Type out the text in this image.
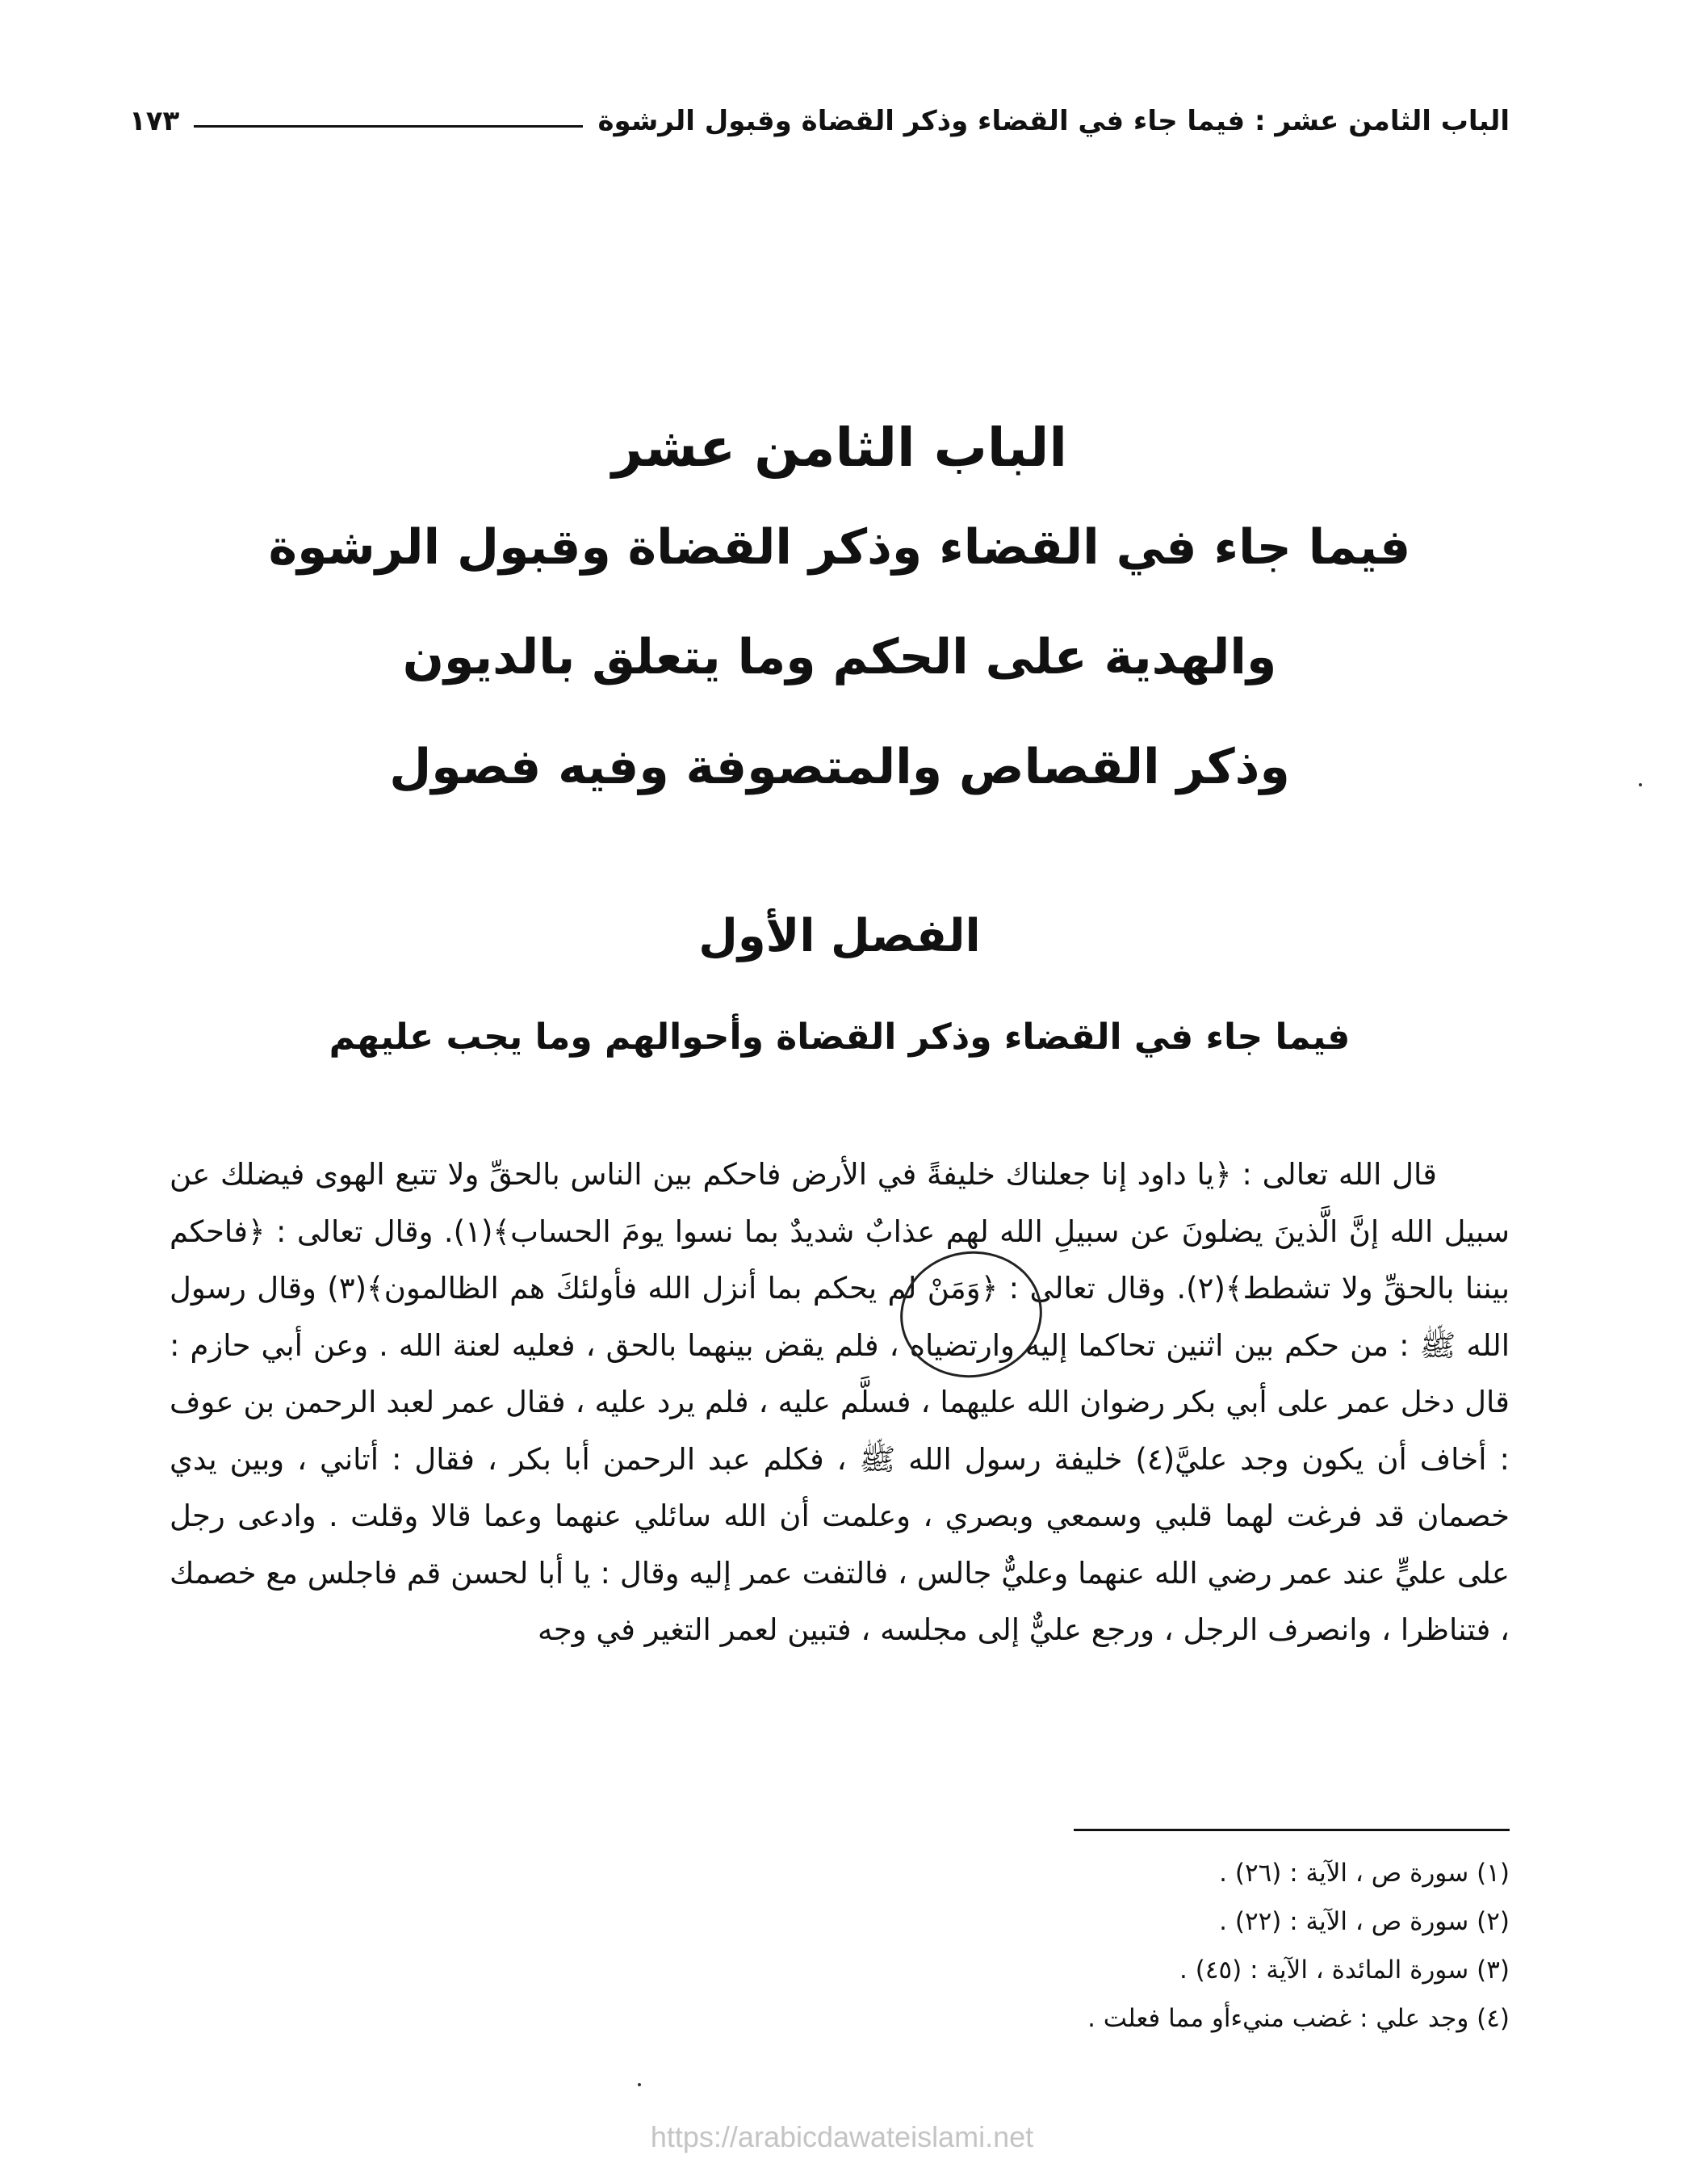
الباب الثامن عشر : فيما جاء في القضاء وذكر القضاة وقبول الرشوة
١٧٣
الباب الثامن عشر
فيما جاء في القضاء وذكر القضاة وقبول الرشوة
والهدية على الحكم وما يتعلق بالديون
وذكر القصاص والمتصوفة وفيه فصول
الفصل الأول
فيما جاء في القضاء وذكر القضاة وأحوالهم وما يجب عليهم

قال الله تعالى : ﴿يا داود إنا جعلناك خليفةً في الأرض فاحكم بين الناس بالحقِّ ولا تتبع الهوى فيضلك عن سبيل الله إنَّ الَّذينَ يضلونَ عن سبيلِ الله لهم عذابٌ شديدٌ بما نسوا يومَ الحساب﴾(١). وقال تعالى : ﴿فاحكم بيننا بالحقِّ ولا تشطط﴾(٢). وقال تعالى : ﴿وَمَنْ لم يحكم بما أنزل الله فأولئكَ هم الظالمون﴾(٣) وقال رسول الله ﷺ : من حكم بين اثنين تحاكما إليه وارتضياه ، فلم يقض بينهما بالحق ، فعليه لعنة الله . وعن أبي حازم : قال دخل عمر على أبي بكر رضوان الله عليهما ، فسلَّم عليه ، فلم يرد عليه ، فقال عمر لعبد الرحمن بن عوف : أخاف أن يكون وجد عليَّ(٤) خليفة رسول الله ﷺ ، فكلم عبد الرحمن أبا بكر ، فقال : أتاني ، وبين يدي خصمان قد فرغت لهما قلبي وسمعي وبصري ، وعلمت أن الله سائلي عنهما وعما قالا وقلت . وادعى رجل على عليٍّ عند عمر رضي الله عنهما وعليٌّ جالس ، فالتفت عمر إليه وقال : يا أبا لحسن قم فاجلس مع خصمك ، فتناظرا ، وانصرف الرجل ، ورجع عليٌّ إلى مجلسه ، فتبين لعمر التغير في وجه

(١) سورة ص ، الآية : (٢٦) .
(٢) سورة ص ، الآية : (٢٢) .
(٣) سورة المائدة ، الآية : (٤٥) .
(٤) وجد علي : غضب منيءأو مما فعلت .
https://arabicdawateislami.net
